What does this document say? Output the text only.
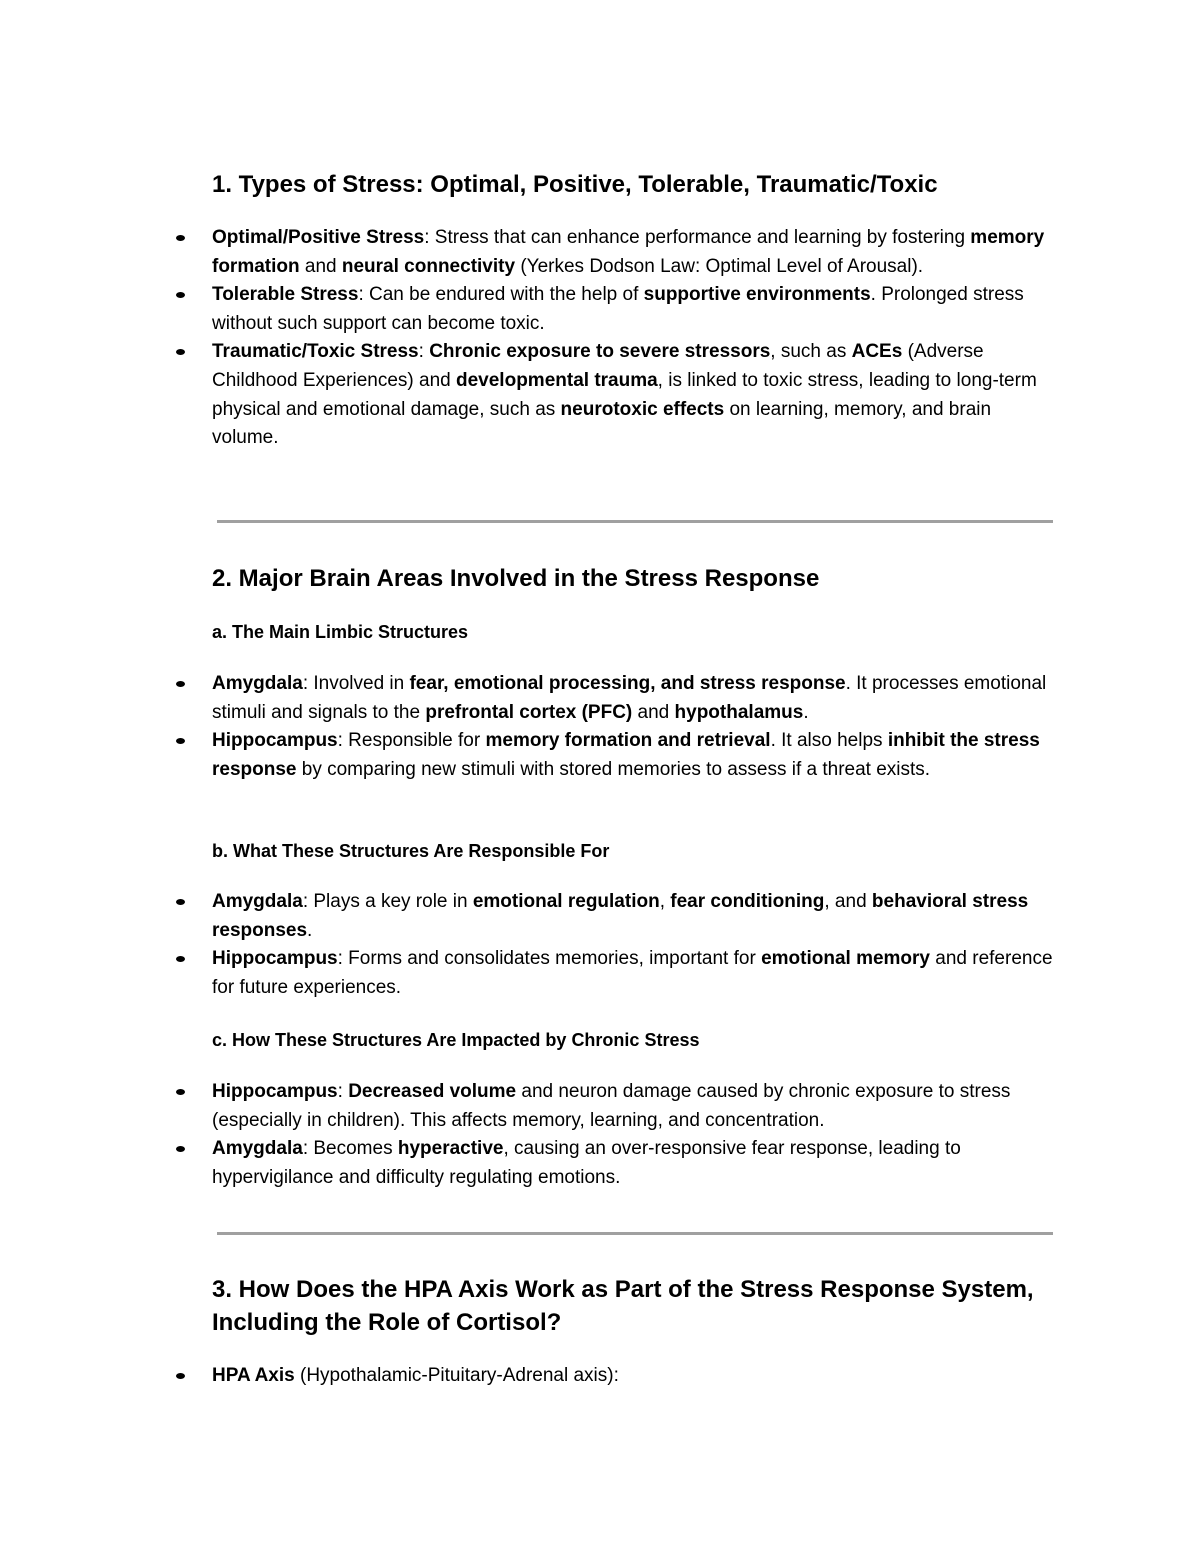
1. Types of Stress: Optimal, Positive, Tolerable, Traumatic/Toxic
Optimal/Positive Stress: Stress that can enhance performance and learning by fostering memory formation and neural connectivity (Yerkes Dodson Law: Optimal Level of Arousal).
Tolerable Stress: Can be endured with the help of supportive environments. Prolonged stress without such support can become toxic.
Traumatic/Toxic Stress: Chronic exposure to severe stressors, such as ACEs (Adverse Childhood Experiences) and developmental trauma, is linked to toxic stress, leading to long-term physical and emotional damage, such as neurotoxic effects on learning, memory, and brain volume.
2. Major Brain Areas Involved in the Stress Response
a. The Main Limbic Structures
Amygdala: Involved in fear, emotional processing, and stress response. It processes emotional stimuli and signals to the prefrontal cortex (PFC) and hypothalamus.
Hippocampus: Responsible for memory formation and retrieval. It also helps inhibit the stress response by comparing new stimuli with stored memories to assess if a threat exists.
b. What These Structures Are Responsible For
Amygdala: Plays a key role in emotional regulation, fear conditioning, and behavioral stress responses.
Hippocampus: Forms and consolidates memories, important for emotional memory and reference for future experiences.
c. How These Structures Are Impacted by Chronic Stress
Hippocampus: Decreased volume and neuron damage caused by chronic exposure to stress (especially in children). This affects memory, learning, and concentration.
Amygdala: Becomes hyperactive, causing an over-responsive fear response, leading to hypervigilance and difficulty regulating emotions.
3. How Does the HPA Axis Work as Part of the Stress Response System, Including the Role of Cortisol?
HPA Axis (Hypothalamic-Pituitary-Adrenal axis):
